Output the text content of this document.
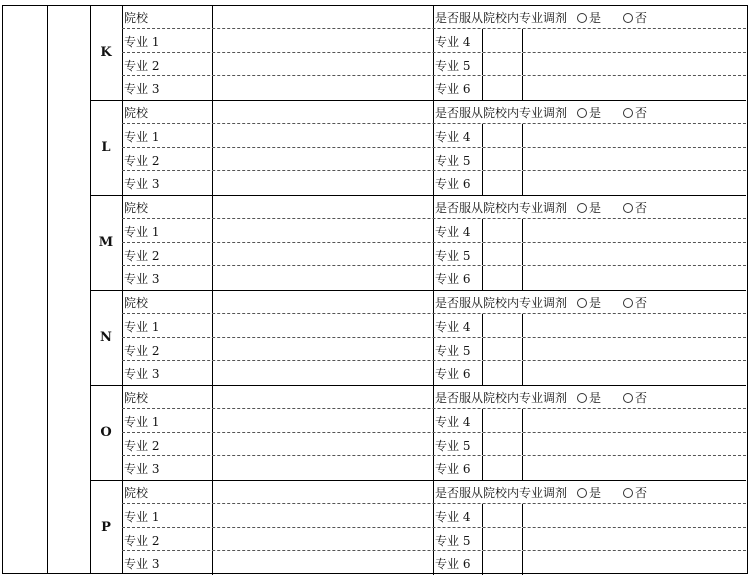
K
院校	是否服从院校内专业调剂 是	否
专业 1	专业 4
专业 2	专业 5
专业 3	专业 6
L
院校	是否服从院校内专业调剂 是	否
专业 1	专业 4
专业 2	专业 5
专业 3	专业 6
M
院校	是否服从院校内专业调剂 是	否
专业 1	专业 4
专业 2	专业 5
专业 3	专业 6
N
院校	是否服从院校内专业调剂 是	否
专业 1	专业 4
专业 2	专业 5
专业 3	专业 6
O
院校	是否服从院校内专业调剂 是	否
专业 1	专业 4
专业 2	专业 5
专业 3	专业 6
P
院校	是否服从院校内专业调剂 是	否
专业 1	专业 4
专业 2	专业 5
专业 3	专业 6
